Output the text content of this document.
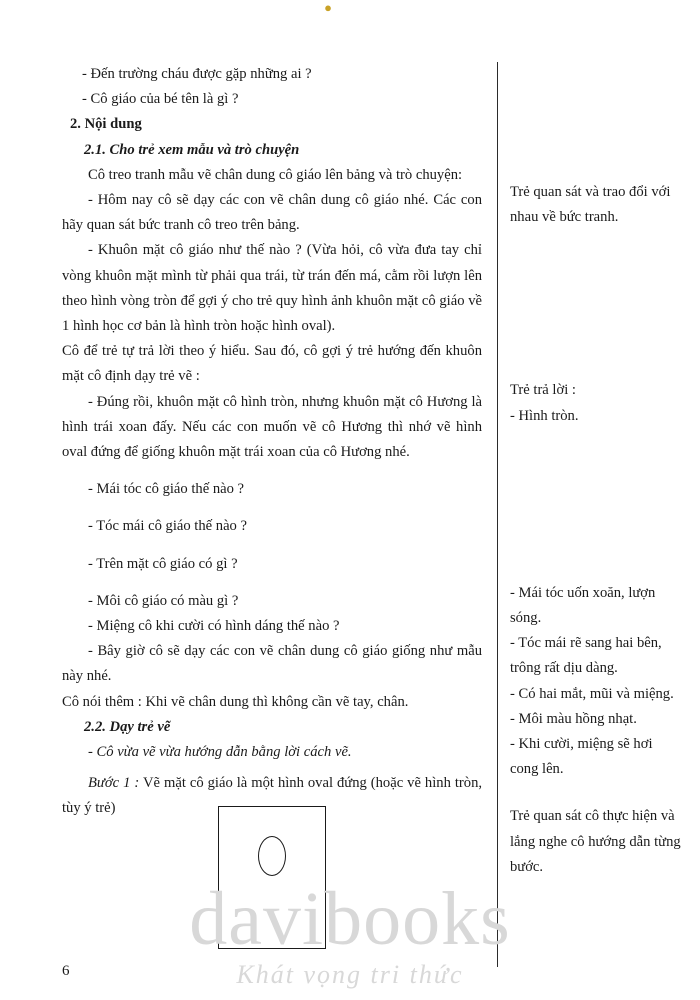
●

- Đến trường cháu được gặp những ai ?

- Cô giáo của bé tên là gì ?

2. Nội dung

2.1. Cho trẻ xem mẫu và trò chuyện

Cô treo tranh mẫu vẽ chân dung cô giáo lên bảng và trò chuyện:

- Hôm nay cô sẽ dạy các con vẽ chân dung cô giáo nhé. Các con hãy quan sát bức tranh cô treo trên bảng.

- Khuôn mặt cô giáo như thế nào ? (Vừa hỏi, cô vừa đưa tay chỉ vòng khuôn mặt mình từ phải qua trái, từ trán đến má, cằm rồi lượn lên theo hình vòng tròn để gợi ý cho trẻ quy hình ảnh khuôn mặt cô giáo về 1 hình học cơ bản là hình tròn hoặc hình oval).

Cô để trẻ tự trả lời theo ý hiểu. Sau đó, cô gợi ý trẻ hướng đến khuôn mặt cô định dạy trẻ vẽ :

- Đúng rồi, khuôn mặt cô hình tròn, nhưng khuôn mặt cô Hương là hình trái xoan đấy. Nếu các con muốn vẽ cô Hương thì nhớ vẽ hình oval đứng để giống khuôn mặt trái xoan của cô Hương nhé.

- Mái tóc cô giáo thế nào ?

- Tóc mái cô giáo thế nào ?

- Trên mặt cô giáo có gì ?

- Môi cô giáo có màu gì ?

- Miệng cô khi cười có hình dáng thế nào ?

- Bây giờ cô sẽ dạy các con vẽ chân dung cô giáo giống như mẫu này nhé.

Cô nói thêm : Khi vẽ chân dung thì không cần vẽ tay, chân.

2.2. Dạy trẻ vẽ

- Cô vừa vẽ vừa hướng dẫn bằng lời cách vẽ.

Bước 1 : Vẽ mặt cô giáo là một hình oval đứng (hoặc vẽ hình tròn, tùy ý trẻ)

Trẻ quan sát và trao đổi với nhau về bức tranh.

Trẻ trả lời :

- Hình tròn.

- Mái tóc uốn xoăn, lượn sóng.

- Tóc mái rẽ sang hai bên, trông rất dịu dàng.

- Có hai mắt, mũi và miệng.

- Môi màu hồng nhạt.

- Khi cười, miệng sẽ hơi cong lên.

Trẻ quan sát cô thực hiện và lắng nghe cô hướng dẫn từng bước.

davibooks
Khát vọng tri thức
6
